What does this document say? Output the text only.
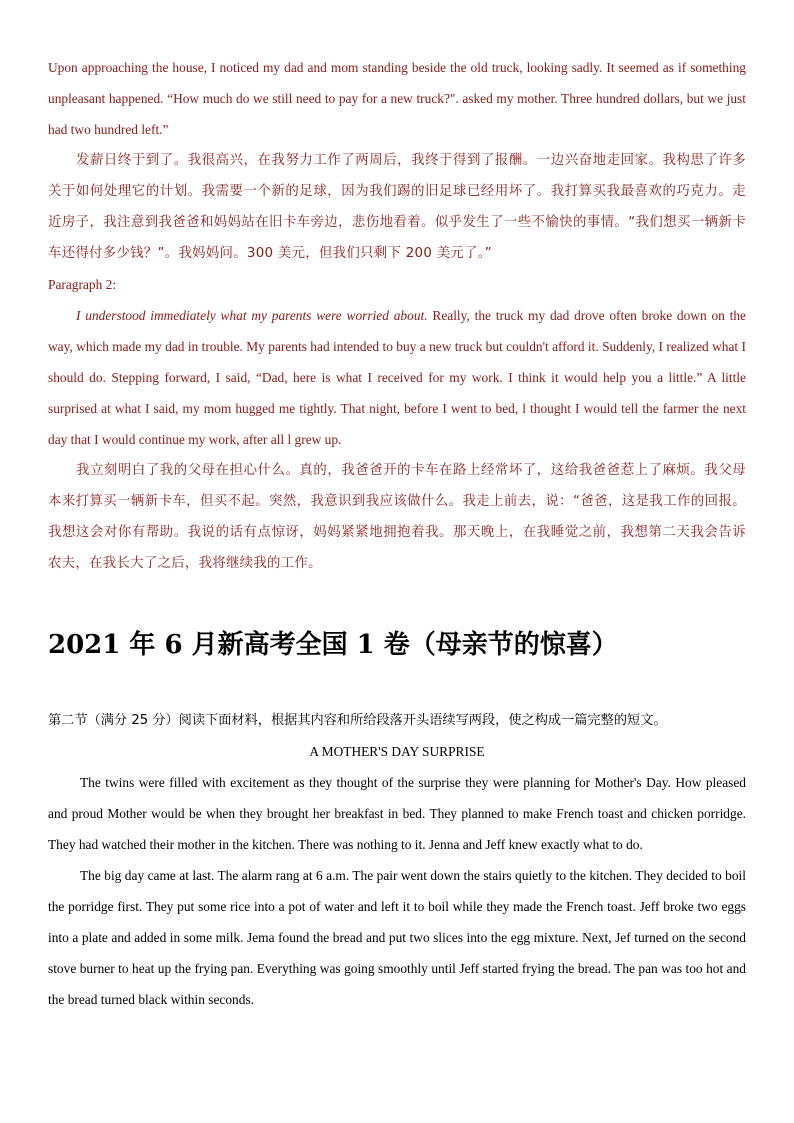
Upon approaching the house, I noticed my dad and mom standing beside the old truck, looking sadly. It seemed as if something unpleasant happened. “How much do we still need to pay for a new truck?". asked my mother. Three hundred dollars, but we just had two hundred left.”

发薪日终于到了。我很高兴，在我努力工作了两周后，我终于得到了报酬。一边兴奋地走回家。我构思了许多关于如何处理它的计划。我需要一个新的足球，因为我们踢的旧足球已经用坏了。我打算买我最喜欢的巧克力。走近房子，我注意到我爸爸和妈妈站在旧卡车旁边，悲伤地看着。似乎发生了一些不愉快的事情。“我们想买一辆新卡车还得付多少钱？”。我妈妈问。300 美元，但我们只剩下 200 美元了。”

Paragraph 2:

I understood immediately what my parents were worried about. Really, the truck my dad drove often broke down on the way, which made my dad in trouble. My parents had intended to buy a new truck but couldn't afford it. Suddenly, I realized what I should do. Stepping forward, I said, “Dad, here is what I received for my work. I think it would help you a little.” A little surprised at what I said, my mom hugged me tightly. That night, before I went to bed, l thought I would tell the farmer the next day that I would continue my work, after all l grew up.

我立刻明白了我的父母在担心什么。真的，我爸爸开的卡车在路上经常坏了，这给我爸爸惹上了麻烦。我父母本来打算买一辆新卡车，但买不起。突然，我意识到我应该做什么。我走上前去，说：“爸爸，这是我工作的回报。我想这会对你有帮助。我说的话有点惊讶，妈妈紧紧地拥抱着我。那天晚上，在我睡觉之前，我想第二天我会告诉农夫，在我长大了之后，我将继续我的工作。

2021 年 6 月新高考全国 1 卷（母亲节的惊喜）

第二节（满分 25 分）阅读下面材料，根据其内容和所给段落开头语续写两段，使之构成一篇完整的短文。

A MOTHER'S DAY SURPRISE

The twins were filled with excitement as they thought of the surprise they were planning for Mother's Day. How pleased and proud Mother would be when they brought her breakfast in bed. They planned to make French toast and chicken porridge. They had watched their mother in the kitchen. There was nothing to it. Jenna and Jeff knew exactly what to do.

The big day came at last. The alarm rang at 6 a.m. The pair went down the stairs quietly to the kitchen. They decided to boil the porridge first. They put some rice into a pot of water and left it to boil while they made the French toast. Jeff broke two eggs into a plate and added in some milk. Jema found the bread and put two slices into the egg mixture. Next, Jef turned on the second stove burner to heat up the frying pan. Everything was going smoothly until Jeff started frying the bread. The pan was too hot and the bread turned black within seconds.
